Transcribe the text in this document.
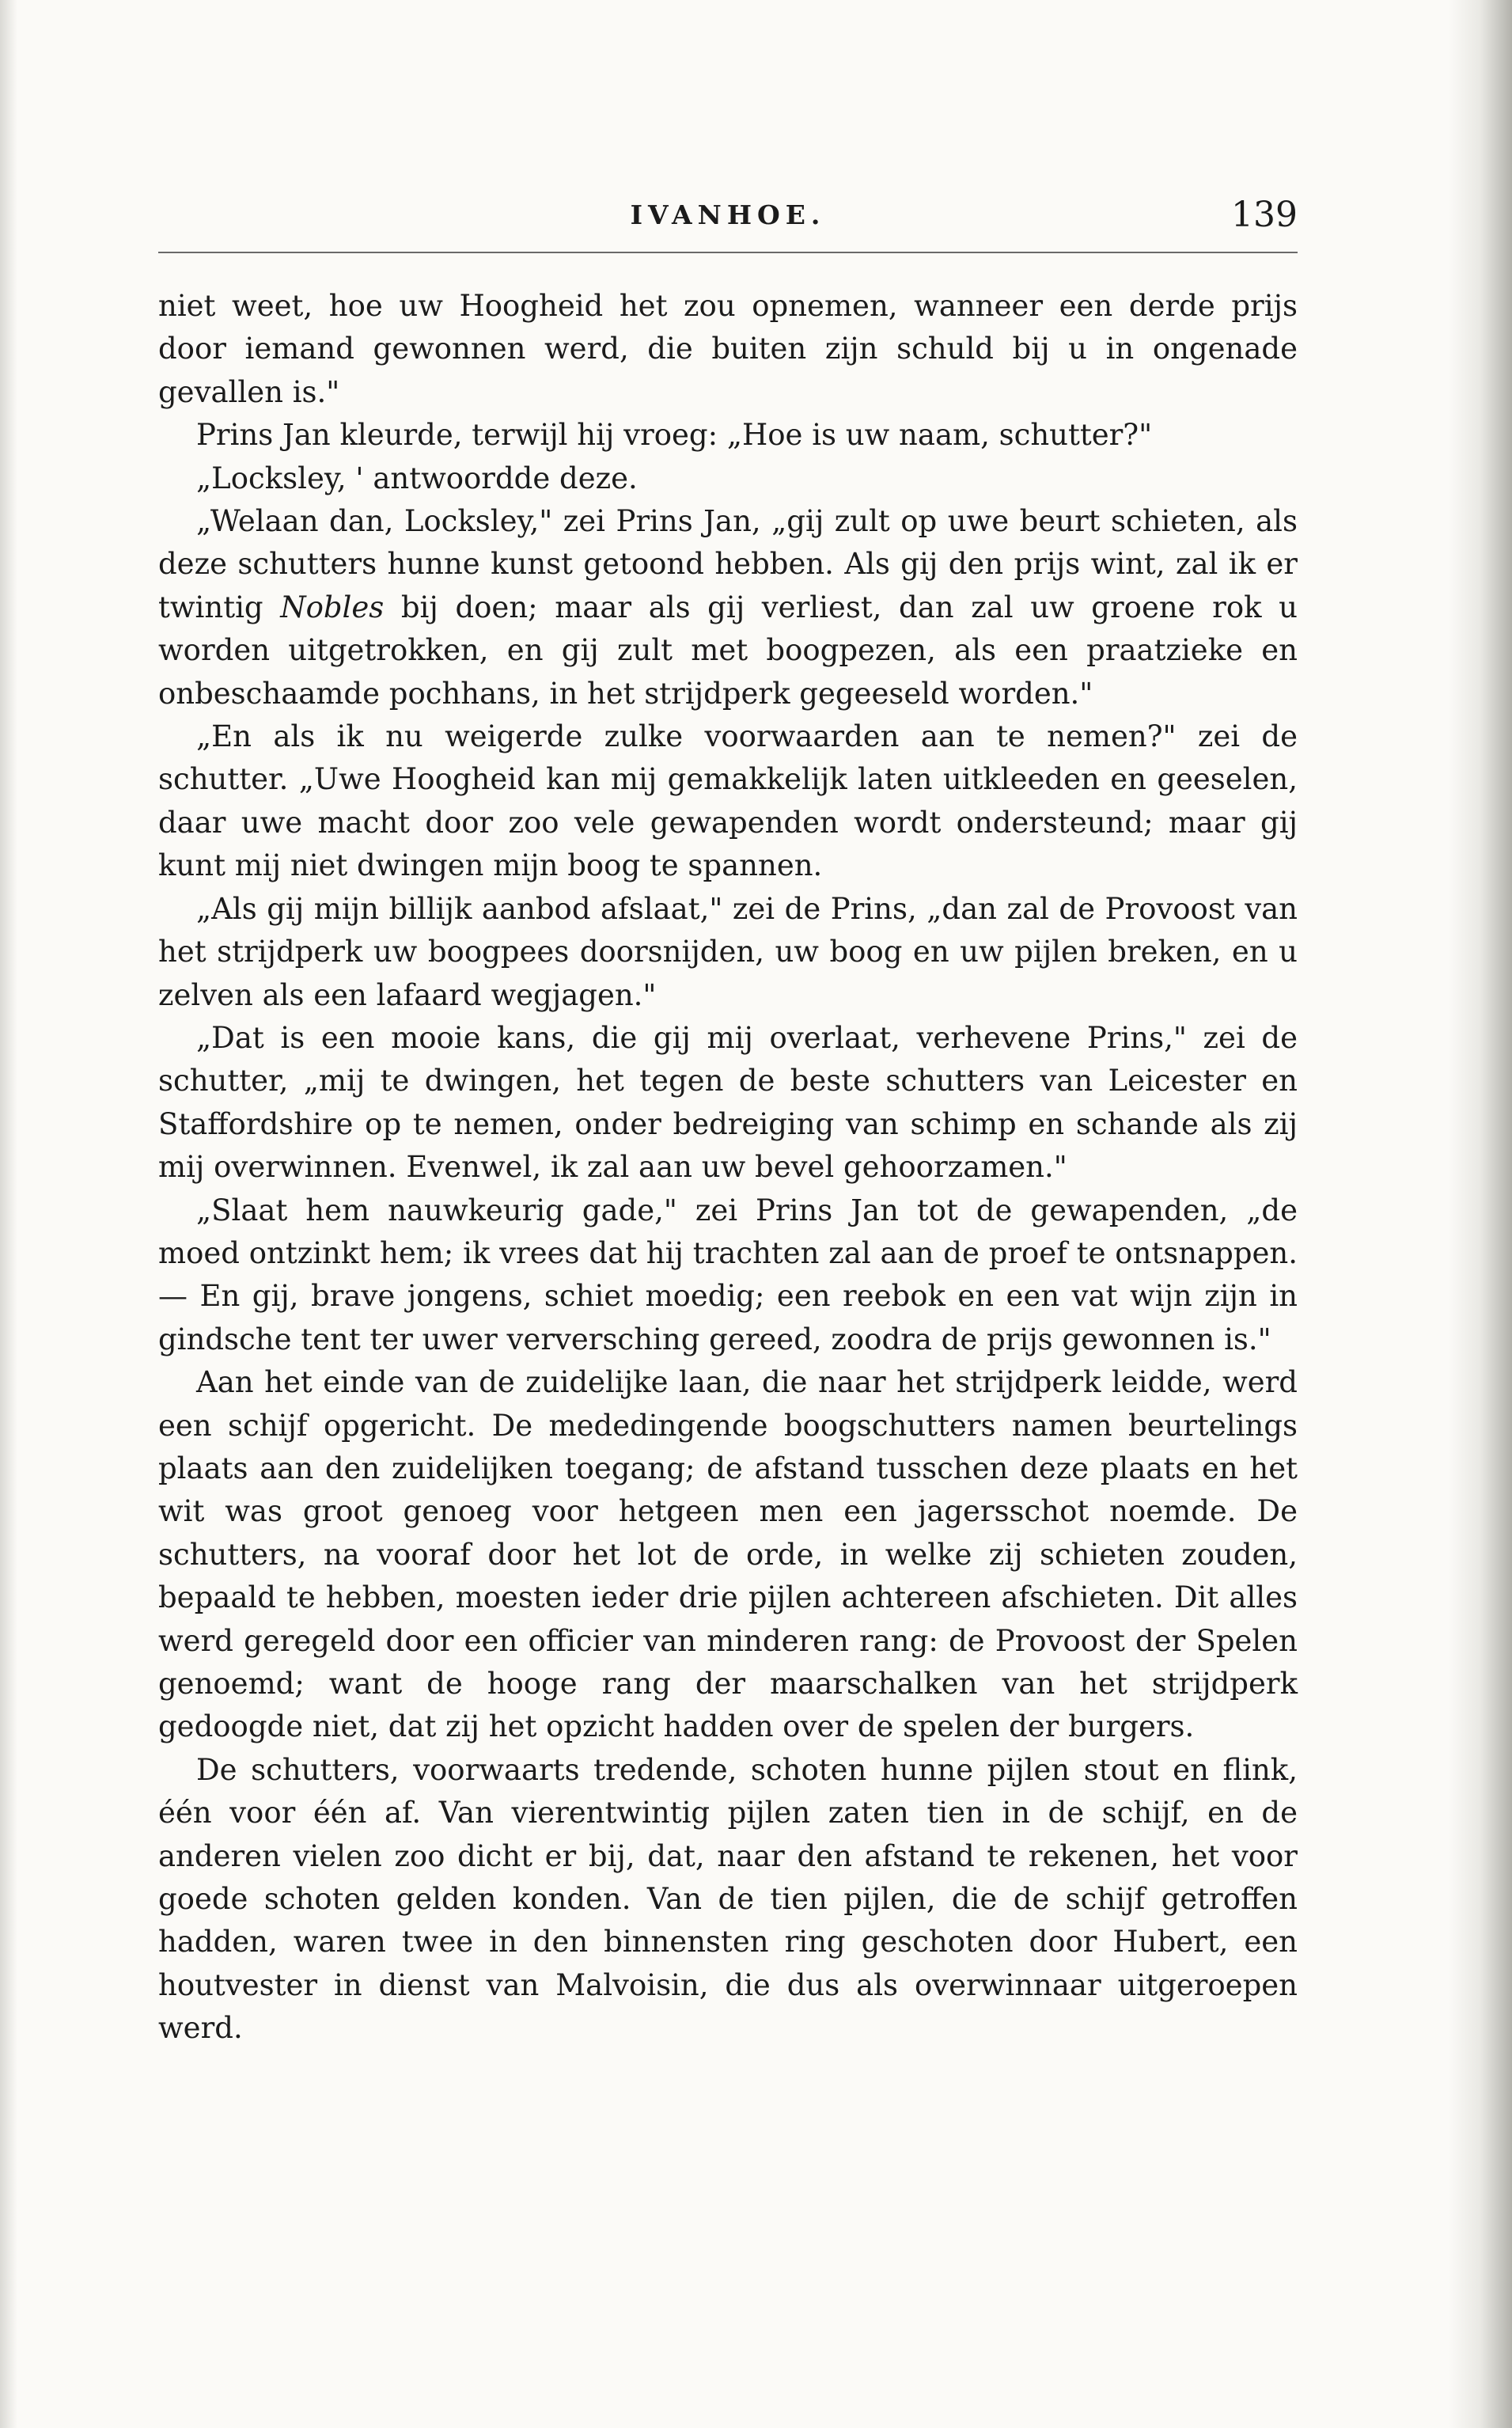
IVANHOE.	139

niet weet, hoe uw Hoogheid het zou opnemen, wanneer een derde prijs door iemand gewonnen werd, die buiten zijn schuld bij u in ongenade gevallen is."

Prins Jan kleurde, terwijl hij vroeg: „Hoe is uw naam, schutter?"

„Locksley, ' antwoordde deze.

„Welaan dan, Locksley," zei Prins Jan, „gij zult op uwe beurt schieten, als deze schutters hunne kunst getoond hebben. Als gij den prijs wint, zal ik er twintig Nobles bij doen; maar als gij verliest, dan zal uw groene rok u worden uitgetrokken, en gij zult met boogpezen, als een praatzieke en onbeschaamde pochhans, in het strijdperk gegeeseld worden."

„En als ik nu weigerde zulke voorwaarden aan te nemen?" zei de schutter. „Uwe Hoogheid kan mij gemakkelijk laten uitkleeden en geeselen, daar uwe macht door zoo vele gewapenden wordt ondersteund; maar gij kunt mij niet dwingen mijn boog te spannen.

„Als gij mijn billijk aanbod afslaat," zei de Prins, „dan zal de Provoost van het strijdperk uw boogpees doorsnijden, uw boog en uw pijlen breken, en u zelven als een lafaard wegjagen."

„Dat is een mooie kans, die gij mij overlaat, verhevene Prins," zei de schutter, „mij te dwingen, het tegen de beste schutters van Leicester en Staffordshire op te nemen, onder bedreiging van schimp en schande als zij mij overwinnen. Evenwel, ik zal aan uw bevel gehoorzamen."

„Slaat hem nauwkeurig gade," zei Prins Jan tot de gewapenden, „de moed ontzinkt hem; ik vrees dat hij trachten zal aan de proef te ontsnappen. — En gij, brave jongens, schiet moedig; een reebok en een vat wijn zijn in gindsche tent ter uwer verversching gereed, zoodra de prijs gewonnen is."

Aan het einde van de zuidelijke laan, die naar het strijdperk leidde, werd een schijf opgericht. De mededingende boogschutters namen beurtelings plaats aan den zuidelijken toegang; de afstand tusschen deze plaats en het wit was groot genoeg voor hetgeen men een jagersschot noemde. De schutters, na vooraf door het lot de orde, in welke zij schieten zouden, bepaald te hebben, moesten ieder drie pijlen achtereen afschieten. Dit alles werd geregeld door een officier van minderen rang: de Provoost der Spelen genoemd; want de hooge rang der maarschalken van het strijdperk gedoogde niet, dat zij het opzicht hadden over de spelen der burgers.

De schutters, voorwaarts tredende, schoten hunne pijlen stout en flink, één voor één af. Van vierentwintig pijlen zaten tien in de schijf, en de anderen vielen zoo dicht er bij, dat, naar den afstand te rekenen, het voor goede schoten gelden konden. Van de tien pijlen, die de schijf getroffen hadden, waren twee in den binnensten ring geschoten door Hubert, een houtvester in dienst van Malvoisin, die dus als overwinnaar uitgeroepen werd.
